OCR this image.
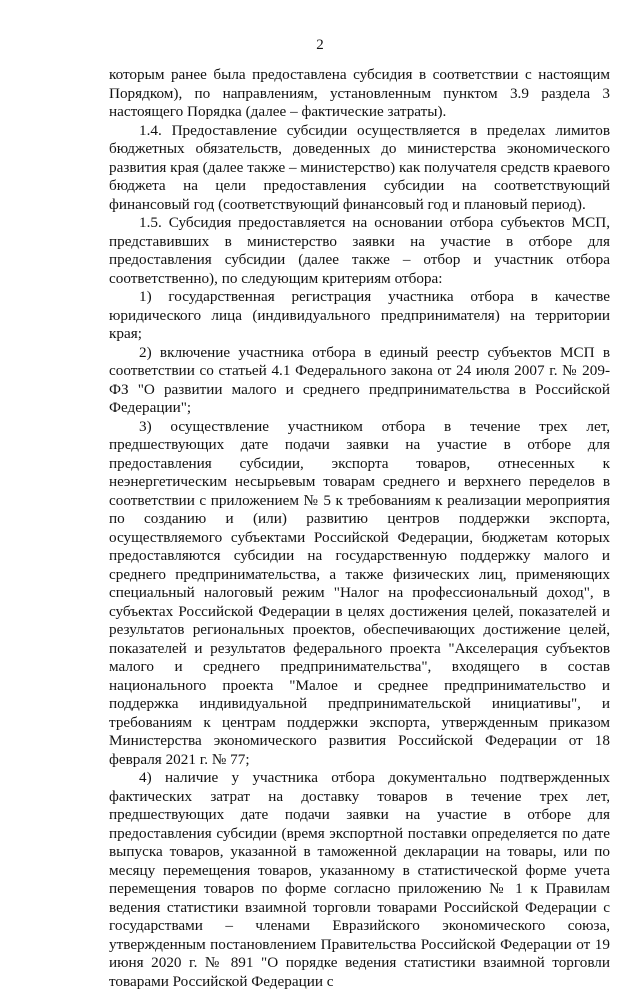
2

которым ранее была предоставлена субсидия в соответствии с настоящим Порядком), по направлениям, установленным пунктом 3.9 раздела 3 настоящего Порядка (далее – фактические затраты).

1.4. Предоставление субсидии осуществляется в пределах лимитов бюджетных обязательств, доведенных до министерства экономического развития края (далее также – министерство) как получателя средств краевого бюджета на цели предоставления субсидии на соответствующий финансовый год (соответствующий финансовый год и плановый период).

1.5. Субсидия предоставляется на основании отбора субъектов МСП, представивших в министерство заявки на участие в отборе для предоставления субсидии (далее также – отбор и участник отбора соответственно), по следующим критериям отбора:

1) государственная регистрация участника отбора в качестве юридического лица (индивидуального предпринимателя) на территории края;

2) включение участника отбора в единый реестр субъектов МСП в соответствии со статьей 4.1 Федерального закона от 24 июля 2007 г. № 209-ФЗ "О развитии малого и среднего предпринимательства в Российской Федерации";

3) осуществление участником отбора в течение трех лет, предшествующих дате подачи заявки на участие в отборе для предоставления субсидии, экспорта товаров, отнесенных к неэнергетическим несырьевым товарам среднего и верхнего переделов в соответствии с приложением № 5 к требованиям к реализации мероприятия по созданию и (или) развитию центров поддержки экспорта, осуществляемого субъектами Российской Федерации, бюджетам которых предоставляются субсидии на государственную поддержку малого и среднего предпринимательства, а также физических лиц, применяющих специальный налоговый режим "Налог на профессиональный доход", в субъектах Российской Федерации в целях достижения целей, показателей и результатов региональных проектов, обеспечивающих достижение целей, показателей и результатов федерального проекта "Акселерация субъектов малого и среднего предпринимательства", входящего в состав национального проекта "Малое и среднее предпринимательство и поддержка индивидуальной предпринимательской инициативы", и требованиям к центрам поддержки экспорта, утвержденным приказом Министерства экономического развития Российской Федерации от 18 февраля 2021 г. № 77;

4) наличие у участника отбора документально подтвержденных фактических затрат на доставку товаров в течение трех лет, предшествующих дате подачи заявки на участие в отборе для предоставления субсидии (время экспортной поставки определяется по дате выпуска товаров, указанной в таможенной декларации на товары, или по месяцу перемещения товаров, указанному в статистической форме учета перемещения товаров по форме согласно приложению № 1 к Правилам ведения статистики взаимной торговли товарами Российской Федерации с государствами – членами Евразийского экономического союза, утвержденным постановлением Правительства Российской Федерации от 19 июня 2020 г. № 891 "О порядке ведения статистики взаимной торговли товарами Российской Федерации с
